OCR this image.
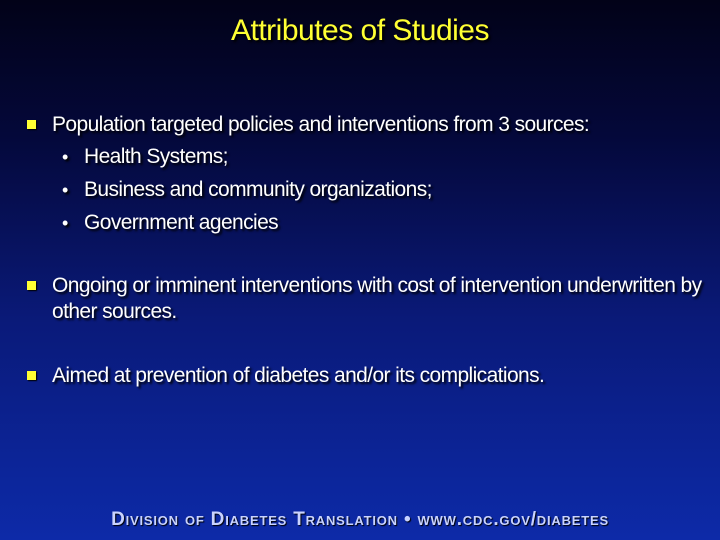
Attributes of Studies
Population targeted policies and interventions from 3 sources:
• Health Systems;
• Business and community organizations;
• Government agencies
Ongoing or imminent interventions with cost of intervention underwritten by other sources.
Aimed at prevention of diabetes and/or its complications.
Division of Diabetes Translation • www.cdc.gov/diabetes
